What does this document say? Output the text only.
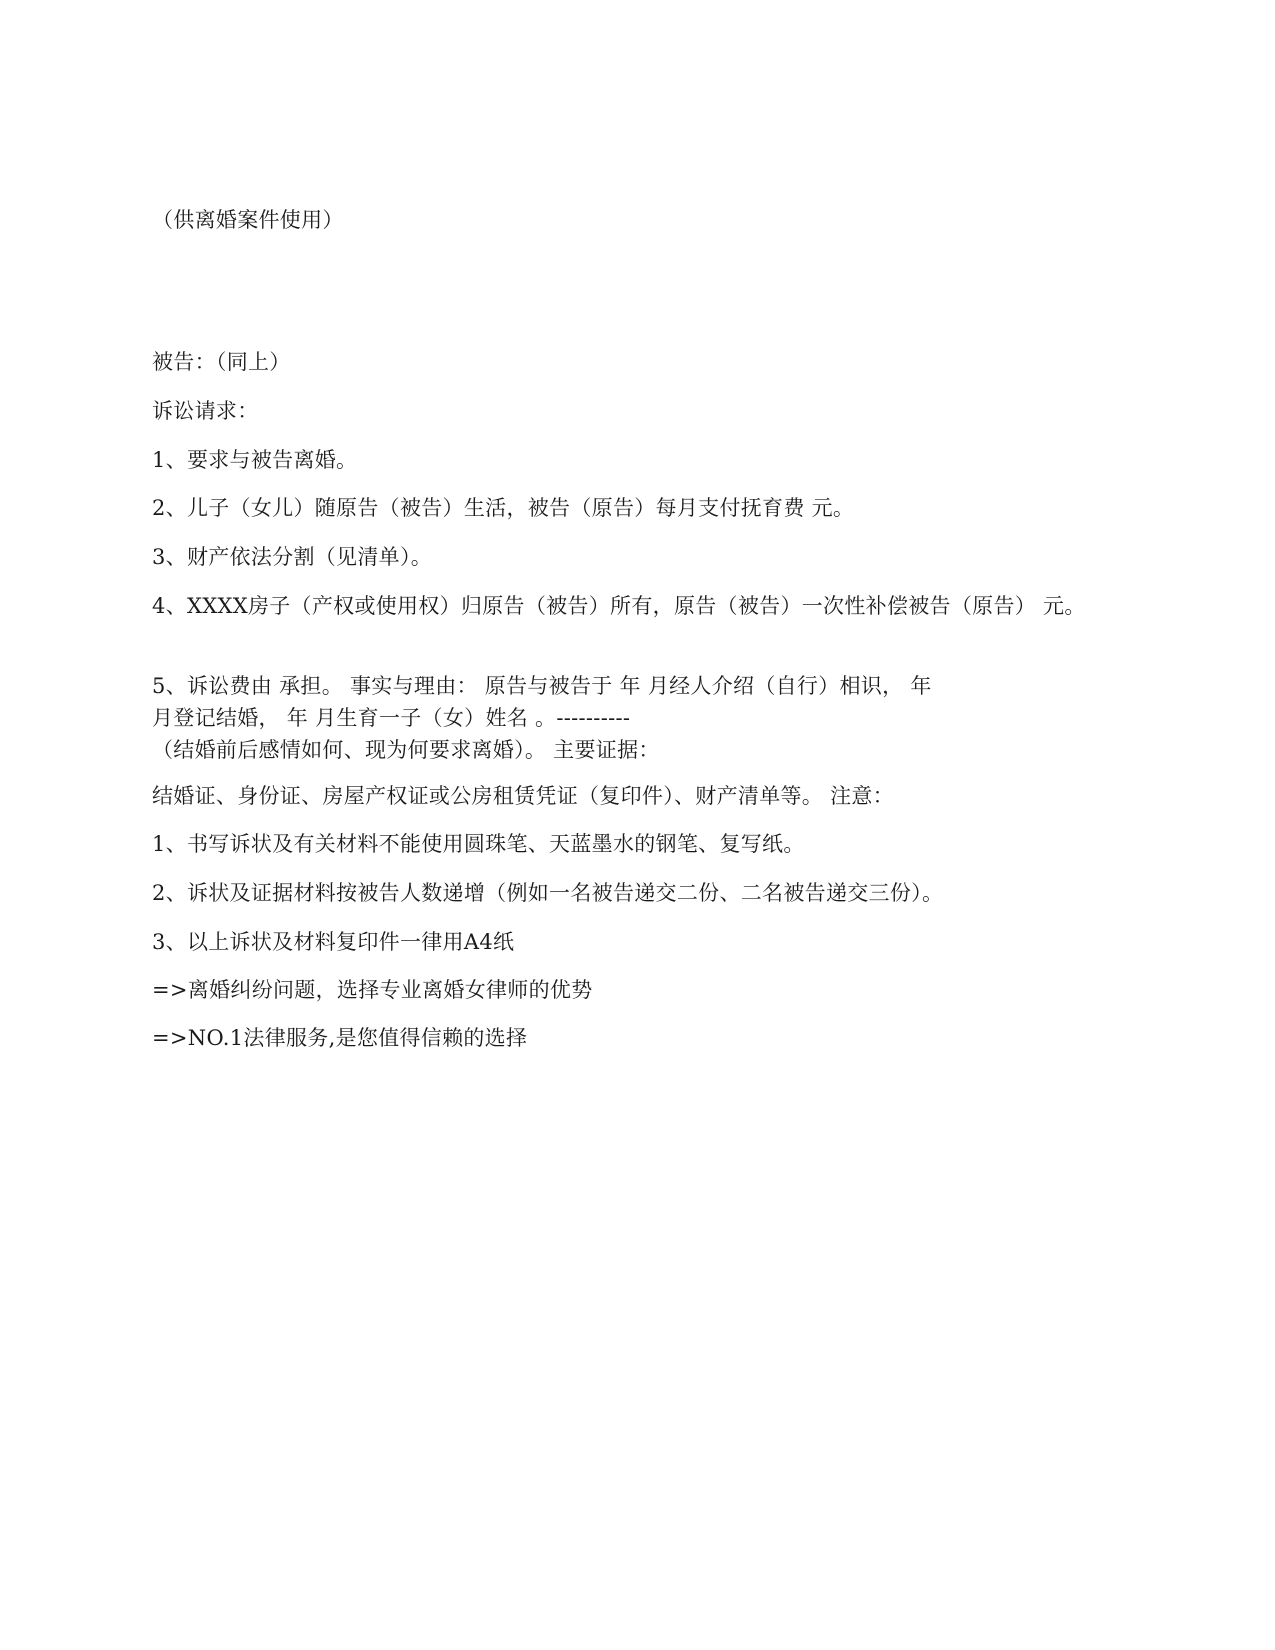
（供离婚案件使用）
被告：（同上）
诉讼请求：
1、要求与被告离婚。
2、儿子（女儿）随原告（被告）生活，被告（原告）每月支付抚育费 元。
3、财产依法分割（见清单）。
4、XXXX房子（产权或使用权）归原告（被告）所有，原告（被告）一次性补偿被告（原告） 元。
5、诉讼费由 承担。 事实与理由： 原告与被告于 年 月经人介绍（自行）相识， 年
月登记结婚， 年 月生育一子（女）姓名 。----------
（结婚前后感情如何、现为何要求离婚）。 主要证据：
结婚证、身份证、房屋产权证或公房租赁凭证（复印件）、财产清单等。 注意：
1、书写诉状及有关材料不能使用圆珠笔、天蓝墨水的钢笔、复写纸。
2、诉状及证据材料按被告人数递增（例如一名被告递交二份、二名被告递交三份）。
3、以上诉状及材料复印件一律用A4纸
=>离婚纠纷问题，选择专业离婚女律师的优势
=>NO.1法律服务,是您值得信赖的选择
